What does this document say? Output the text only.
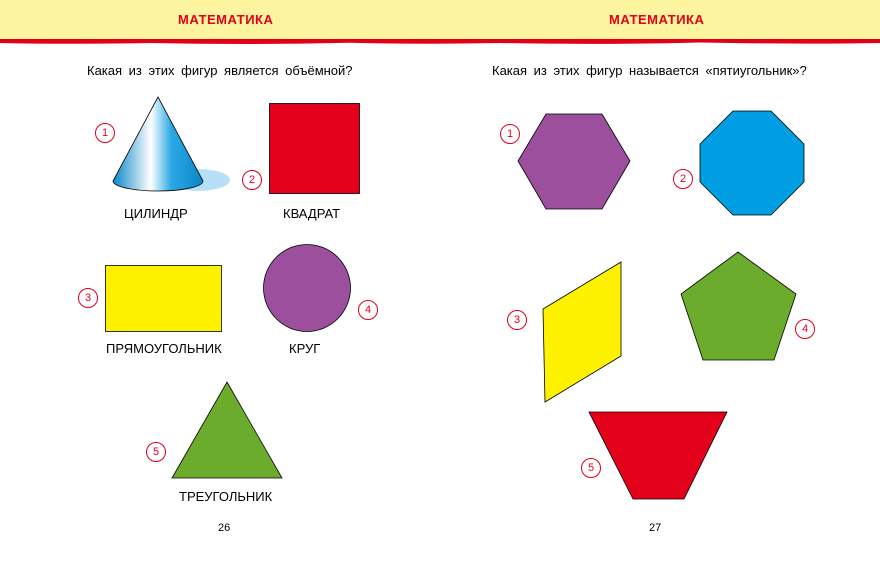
МАТЕМАТИКА	МАТЕМАТИКА
Какая из этих фигур является объёмной?
1
ЦИЛИНДР
2
КВАДРАТ
3
ПРЯМОУГОЛЬНИК
4
КРУГ
5
ТРЕУГОЛЬНИК
26
Какая из этих фигур называется «пятиугольник»?
1
2
3
4
5
27
